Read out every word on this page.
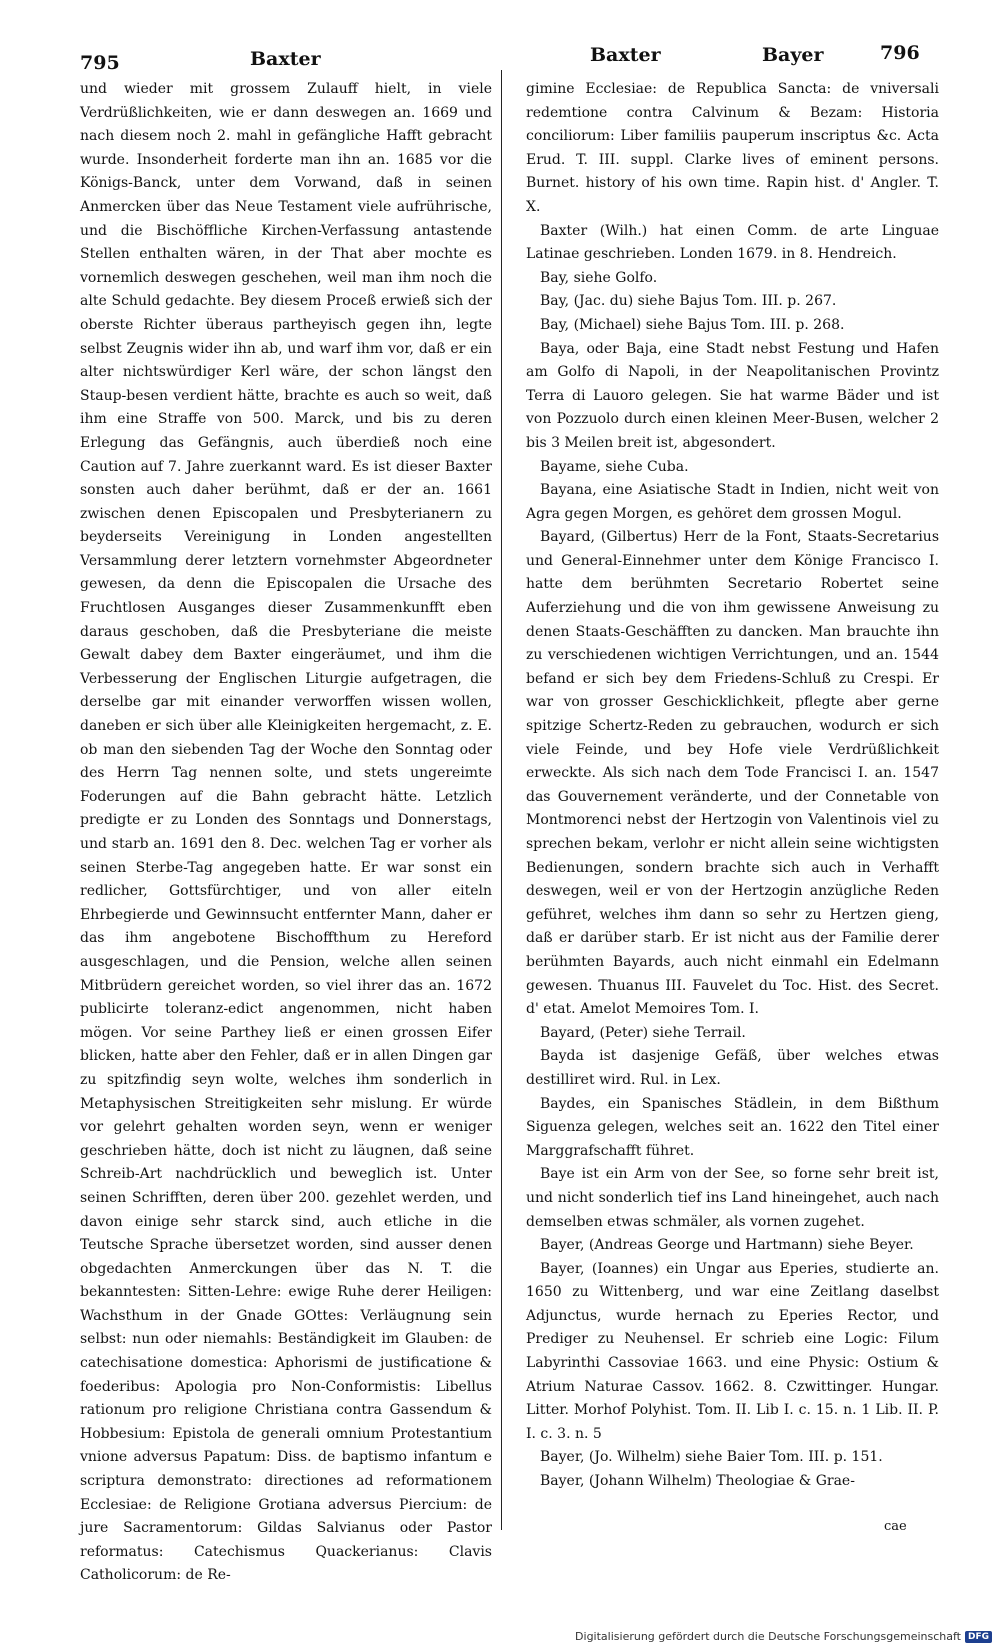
795	Baxter	Baxter	Bayer	796

und wieder mit grossem Zulauff hielt, in viele Verdrüßlichkeiten, wie er dann deswegen an. 1669 und nach diesem noch 2. mahl in gefängliche Hafft gebracht wurde. Insonderheit forderte man ihn an. 1685 vor die Königs-Banck, unter dem Vorwand, daß in seinen Anmercken über das Neue Testament viele aufrührische, und die Bischöffliche Kirchen-Verfassung antastende Stellen enthalten wären, in der That aber mochte es vornemlich deswegen geschehen, weil man ihm noch die alte Schuld gedachte. Bey diesem Proceß erwieß sich der oberste Richter überaus partheyisch gegen ihn, legte selbst Zeugnis wider ihn ab, und warf ihm vor, daß er ein alter nichtswürdiger Kerl wäre, der schon längst den Staup-besen verdient hätte, brachte es auch so weit, daß ihm eine Straffe von 500. Marck, und bis zu deren Erlegung das Gefängnis, auch überdieß noch eine Caution auf 7. Jahre zuerkannt ward. Es ist dieser Baxter sonsten auch daher berühmt, daß er der an. 1661 zwischen denen Episcopalen und Presbyterianern zu beyderseits Vereinigung in Londen angestellten Versammlung derer letztern vornehmster Abgeordneter gewesen, da denn die Episcopalen die Ursache des Fruchtlosen Ausganges dieser Zusammenkunfft eben daraus geschoben, daß die Presbyteriane die meiste Gewalt dabey dem Baxter eingeräumet, und ihm die Verbesserung der Englischen Liturgie aufgetragen, die derselbe gar mit einander verworffen wissen wollen, daneben er sich über alle Kleinigkeiten hergemacht, z. E. ob man den siebenden Tag der Woche den Sonntag oder des Herrn Tag nennen solte, und stets ungereimte Foderungen auf die Bahn gebracht hätte. Letzlich predigte er zu Londen des Sonntags und Donnerstags, und starb an. 1691 den 8. Dec. welchen Tag er vorher als seinen Sterbe-Tag angegeben hatte. Er war sonst ein redlicher, Gottsfürchtiger, und von aller eiteln Ehrbegierde und Gewinnsucht entfernter Mann, daher er das ihm angebotene Bischoffthum zu Hereford ausgeschlagen, und die Pension, welche allen seinen Mitbrüdern gereichet worden, so viel ihrer das an. 1672 publicirte toleranz-edict angenommen, nicht haben mögen. Vor seine Parthey ließ er einen grossen Eifer blicken, hatte aber den Fehler, daß er in allen Dingen gar zu spitzfindig seyn wolte, welches ihm sonderlich in Metaphysischen Streitigkeiten sehr mislung. Er würde vor gelehrt gehalten worden seyn, wenn er weniger geschrieben hätte, doch ist nicht zu läugnen, daß seine Schreib-Art nachdrücklich und beweglich ist. Unter seinen Schrifften, deren über 200. gezehlet werden, und davon einige sehr starck sind, auch etliche in die Teutsche Sprache übersetzet worden, sind ausser denen obgedachten Anmerckungen über das N. T. die bekanntesten: Sitten-Lehre: ewige Ruhe derer Heiligen: Wachsthum in der Gnade GOttes: Verläugnung sein selbst: nun oder niemahls: Beständigkeit im Glauben: de catechisatione domestica: Aphorismi de justificatione & foederibus: Apologia pro Non-Conformistis: Libellus rationum pro religione Christiana contra Gassendum & Hobbesium: Epistola de generali omnium Protestantium vnione adversus Papatum: Diss. de baptismo infantum e scriptura demonstrato: directiones ad reformationem Ecclesiae: de Religione Grotiana adversus Piercium: de jure Sacramentorum: Gildas Salvianus oder Pastor reformatus: Catechismus Quackerianus: Clavis Catholicorum: de Re-

gimine Ecclesiae: de Republica Sancta: de vniversali redemtione contra Calvinum & Bezam: Historia conciliorum: Liber familiis pauperum inscriptus &c. Acta Erud. T. III. suppl. Clarke lives of eminent persons. Burnet. history of his own time. Rapin hist. d' Angler. T. X.

Baxter (Wilh.) hat einen Comm. de arte Linguae Latinae geschrieben. Londen 1679. in 8. Hendreich.

Bay, siehe Golfo.

Bay, (Jac. du) siehe Bajus Tom. III. p. 267.

Bay, (Michael) siehe Bajus Tom. III. p. 268.

Baya, oder Baja, eine Stadt nebst Festung und Hafen am Golfo di Napoli, in der Neapolitanischen Provintz Terra di Lauoro gelegen. Sie hat warme Bäder und ist von Pozzuolo durch einen kleinen Meer-Busen, welcher 2 bis 3 Meilen breit ist, abgesondert.

Bayame, siehe Cuba.

Bayana, eine Asiatische Stadt in Indien, nicht weit von Agra gegen Morgen, es gehöret dem grossen Mogul.

Bayard, (Gilbertus) Herr de la Font, Staats-Secretarius und General-Einnehmer unter dem Könige Francisco I. hatte dem berühmten Secretario Robertet seine Auferziehung und die von ihm gewissene Anweisung zu denen Staats-Geschäfften zu dancken. Man brauchte ihn zu verschiedenen wichtigen Verrichtungen, und an. 1544 befand er sich bey dem Friedens-Schluß zu Crespi. Er war von grosser Geschicklichkeit, pflegte aber gerne spitzige Schertz-Reden zu gebrauchen, wodurch er sich viele Feinde, und bey Hofe viele Verdrüßlichkeit erweckte. Als sich nach dem Tode Francisci I. an. 1547 das Gouvernement veränderte, und der Connetable von Montmorenci nebst der Hertzogin von Valentinois viel zu sprechen bekam, verlohr er nicht allein seine wichtigsten Bedienungen, sondern brachte sich auch in Verhafft deswegen, weil er von der Hertzogin anzügliche Reden geführet, welches ihm dann so sehr zu Hertzen gieng, daß er darüber starb. Er ist nicht aus der Familie derer berühmten Bayards, auch nicht einmahl ein Edelmann gewesen. Thuanus III. Fauvelet du Toc. Hist. des Secret. d' etat. Amelot Memoires Tom. I.

Bayard, (Peter) siehe Terrail.

Bayda ist dasjenige Gefäß, über welches etwas destilliret wird. Rul. in Lex.

Baydes, ein Spanisches Städlein, in dem Bißthum Siguenza gelegen, welches seit an. 1622 den Titel einer Marggrafschafft führet.

Baye ist ein Arm von der See, so forne sehr breit ist, und nicht sonderlich tief ins Land hineingehet, auch nach demselben etwas schmäler, als vornen zugehet.

Bayer, (Andreas George und Hartmann) siehe Beyer.

Bayer, (Ioannes) ein Ungar aus Eperies, studierte an. 1650 zu Wittenberg, und war eine Zeitlang daselbst Adjunctus, wurde hernach zu Eperies Rector, und Prediger zu Neuhensel. Er schrieb eine Logic: Filum Labyrinthi Cassoviae 1663. und eine Physic: Ostium & Atrium Naturae Cassov. 1662. 8. Czwittinger. Hungar. Litter. Morhof Polyhist. Tom. II. Lib I. c. 15. n. 1 Lib. II. P. I. c. 3. n. 5

Bayer, (Jo. Wilhelm) siehe Baier Tom. III. p. 151.

Bayer, (Johann Wilhelm) Theologiae & Grae-

cae
Digitalisierung gefördert durch die Deutsche Forschungsgemeinschaft DFG
